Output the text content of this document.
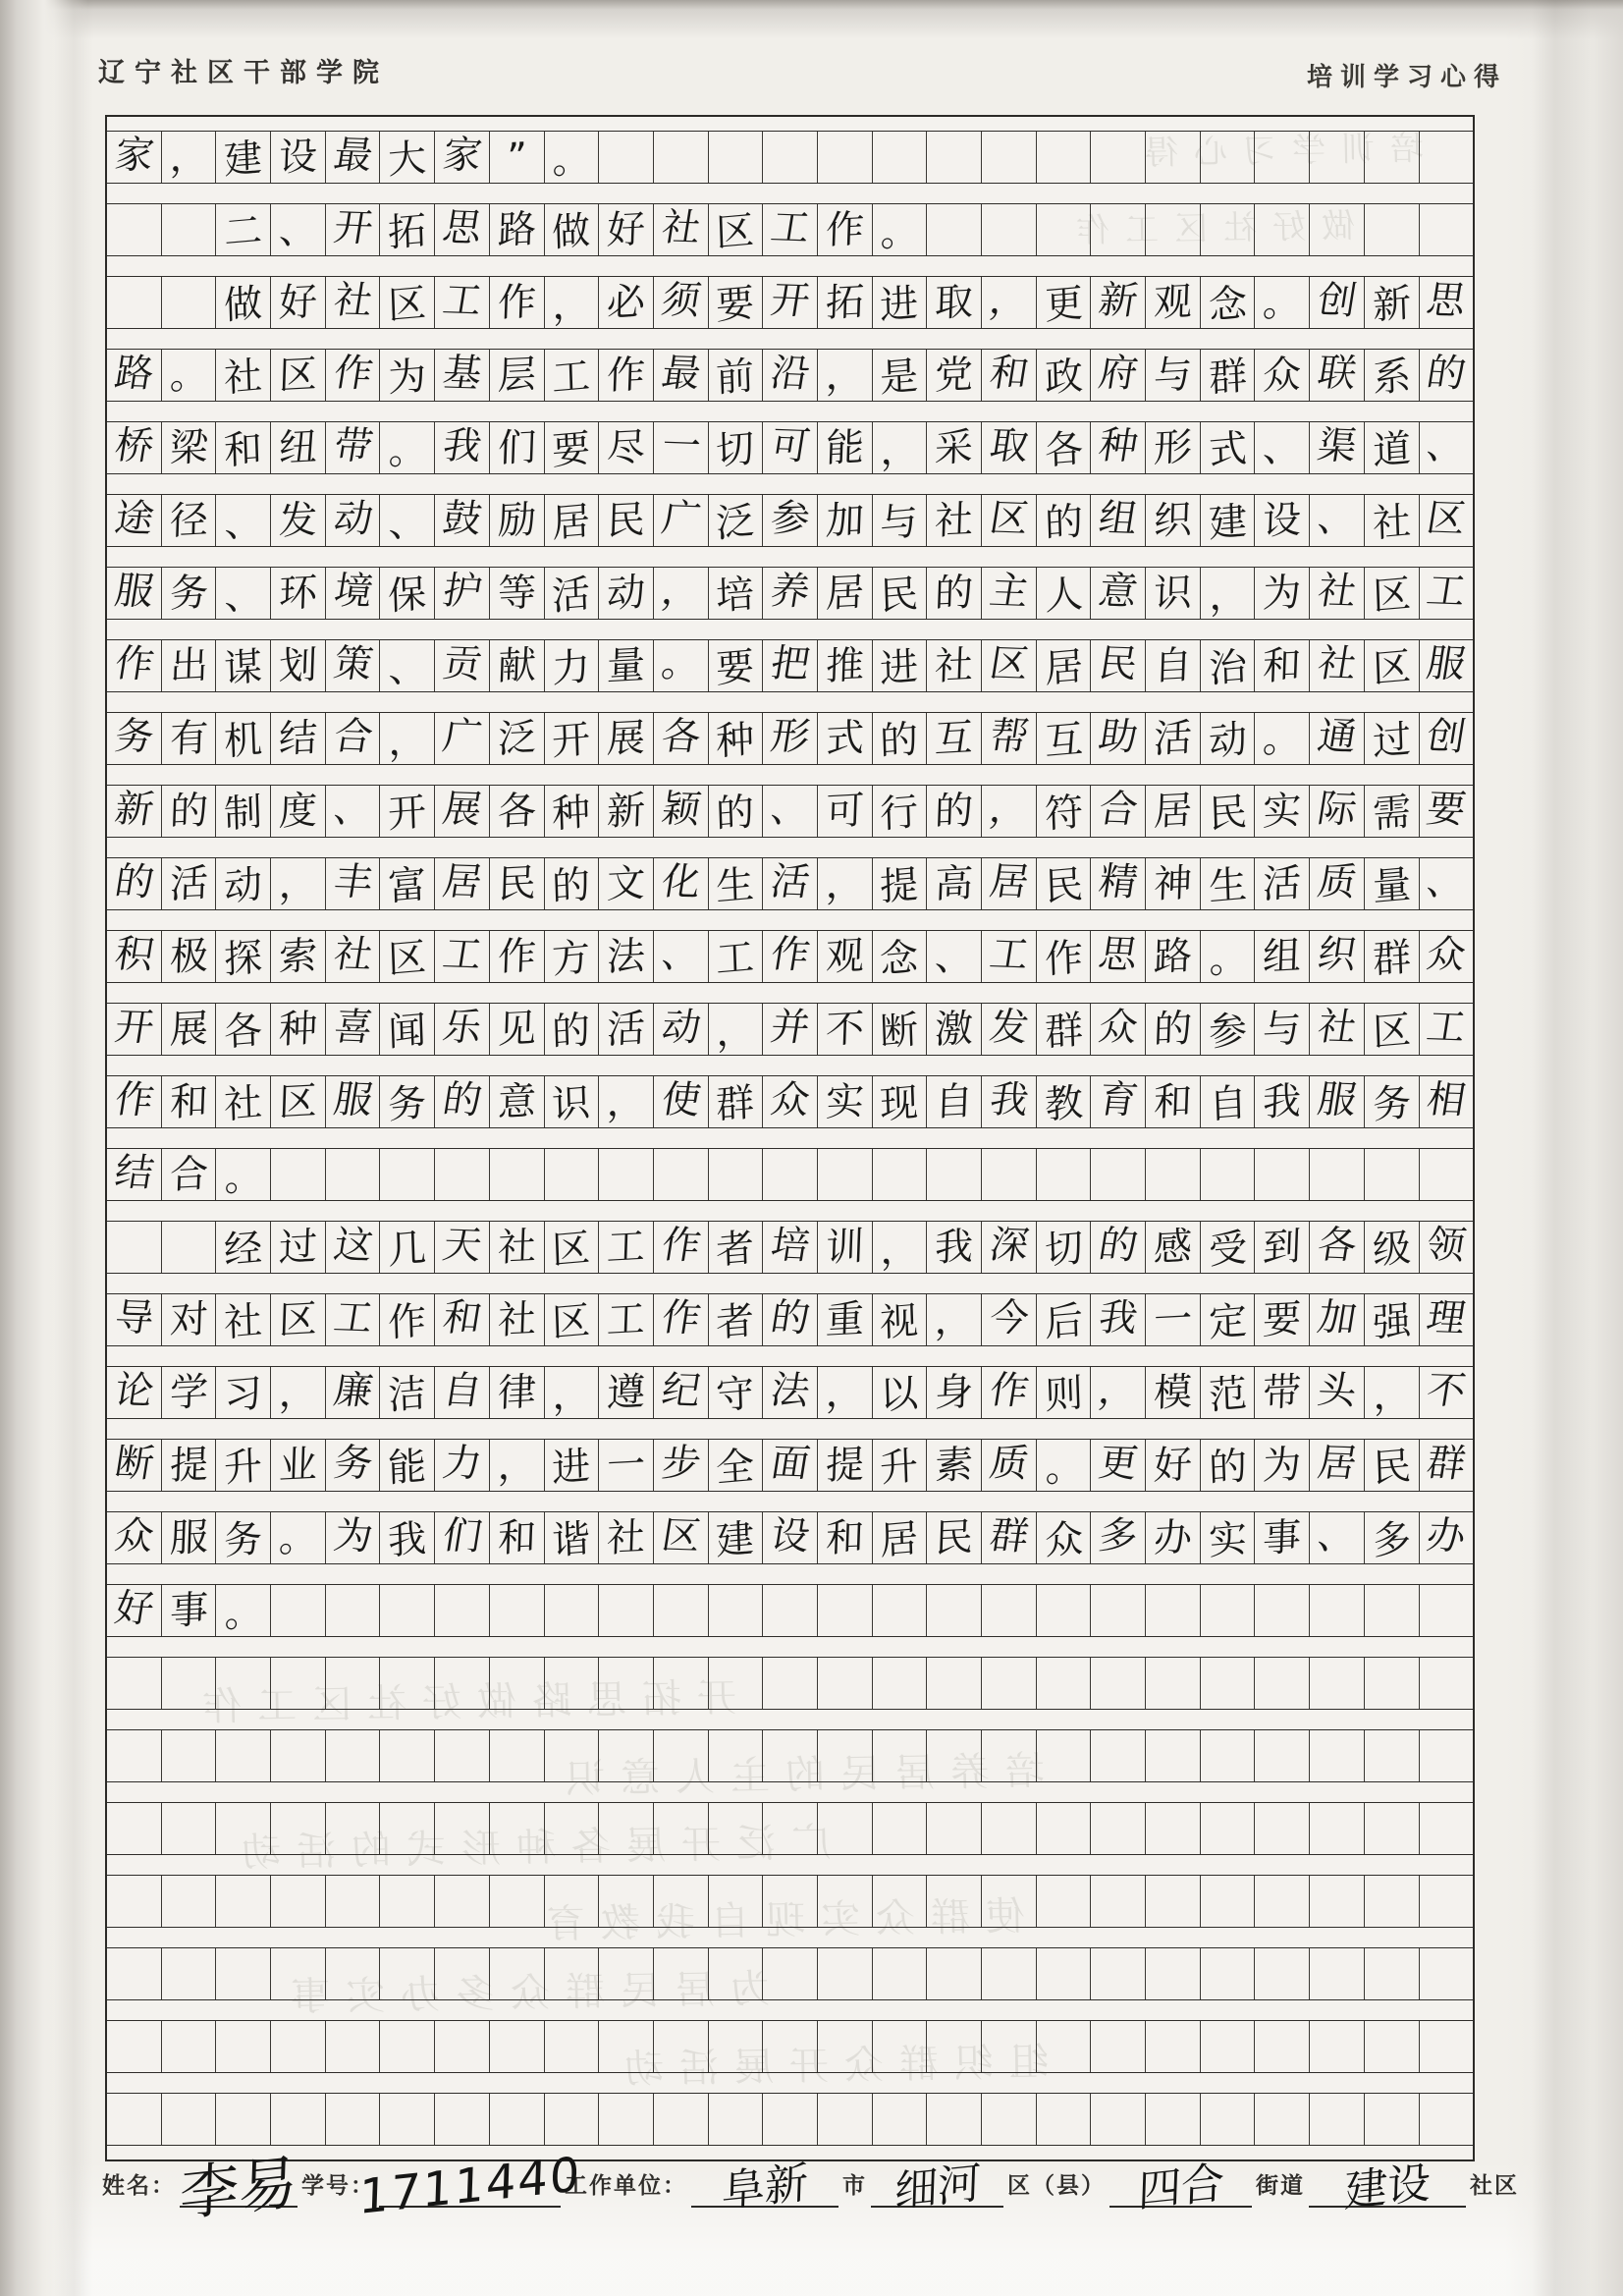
培训学习心得
做好社区工作
开拓思路做好社区工作
培养居民的主人意识
广泛开展各种形式的活动
使群众实现自我教育
为居民群众多办实事
组织群众开展活动
辽宁社区干部学院	培训学习心得
家 ， 建 设 最 大 家 ” 。
二 、 开 拓 思 路 做 好 社 区 工 作 。
做 好 社 区 工 作 ， 必 须 要 开 拓 进 取 ， 更 新 观 念 。 创 新 思
路 。 社 区 作 为 基 层 工 作 最 前 沿 ， 是 党 和 政 府 与 群 众 联 系 的
桥 梁 和 纽 带 。 我 们 要 尽 一 切 可 能 ， 采 取 各 种 形 式 、 渠 道 、
途 径 、 发 动 、 鼓 励 居 民 广 泛 参 加 与 社 区 的 组 织 建 设 、 社 区
服 务 、 环 境 保 护 等 活 动 ， 培 养 居 民 的 主 人 意 识 ， 为 社 区 工
作 出 谋 划 策 、 贡 献 力 量 。 要 把 推 进 社 区 居 民 自 治 和 社 区 服
务 有 机 结 合 ， 广 泛 开 展 各 种 形 式 的 互 帮 互 助 活 动 。 通 过 创
新 的 制 度 、 开 展 各 种 新 颖 的 、 可 行 的 ， 符 合 居 民 实 际 需 要
的 活 动 ， 丰 富 居 民 的 文 化 生 活 ， 提 高 居 民 精 神 生 活 质 量 、
积 极 探 索 社 区 工 作 方 法 、 工 作 观 念 、 工 作 思 路 。 组 织 群 众
开 展 各 种 喜 闻 乐 见 的 活 动 ， 并 不 断 激 发 群 众 的 参 与 社 区 工
作 和 社 区 服 务 的 意 识 ， 使 群 众 实 现 自 我 教 育 和 自 我 服 务 相
结 合 。
经 过 这 几 天 社 区 工 作 者 培 训 ， 我 深 切 的 感 受 到 各 级 领
导 对 社 区 工 作 和 社 区 工 作 者 的 重 视 ， 今 后 我 一 定 要 加 强 理
论 学 习 ， 廉 洁 自 律 ， 遵 纪 守 法 ， 以 身 作 则 ， 模 范 带 头 ， 不
断 提 升 业 务 能 力 ， 进 一 步 全 面 提 升 素 质 。 更 好 的 为 居 民 群
众 服 务 。 为 我 们 和 谐 社 区 建 设 和 居 民 群 众 多 办 实 事 、 多 办
好 事 。
姓名： 李易 学号：
1711440
工作单位： 阜新 市 细河 区（县） 四合 街道 建设 社区
